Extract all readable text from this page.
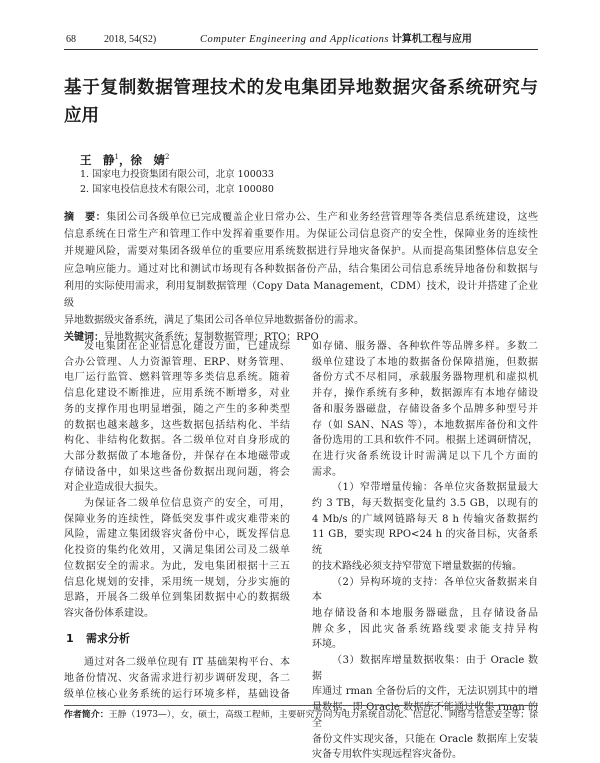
68	2018, 54(S2)	Computer Engineering and Applications 计算机工程与应用
基于复制数据管理技术的发电集团异地数据灾备系统研究与
应用
王　静$^1$，徐　婧$^2$
1. 国家电力投资集团有限公司，北京 100033
2. 国家电投信息技术有限公司，北京 100080
摘　要：集团公司各级单位已完成覆盖企业日常办公、生产和业务经营管理等各类信息系统建设，这些
信息系统在日常生产和管理工作中发挥着重要作用。为保证公司信息资产的安全性，保障业务的连续性
并规避风险，需要对集团各级单位的重要应用系统数据进行异地灾备保护。从而提高集团整体信息安全
应急响应能力。通过对比和测试市场现有各种数据备份产品，结合集团公司信息系统异地备份和数据与
利用的实际使用需求，利用复制数据管理（Copy Data Management，CDM）技术，设计并搭建了企业级
异地数据级灾备系统，满足了集团公司各单位异地数据备份的需求。
关键词：异地数据灾备系统；复制数据管理；RTO；RPO
发电集团在企业信息化建设方面，已建成综
合办公管理、人力资源管理、ERP、财务管理、
电厂运行监管、燃料管理等多类信息系统。随着
信息化建设不断推进，应用系统不断增多，对业
务的支撑作用也明显增强，随之产生的多种类型
的数据也越来越多，这些数据包括结构化、半结
构化、非结构化数据。各二级单位对自身形成的
大部分数据做了本地备份，并保存在本地磁带或
存储设备中，如果这些备份数据出现问题，将会
对企业造成很大损失。
为保证各二级单位信息资产的安全，可用，
保障业务的连续性，降低突发事件或灾难带来的
风险，需建立集团级容灾备份中心，既发挥信息
化投资的集约化效用，又满足集团公司及二级单
位数据安全的需求。为此，发电集团根据十三五
信息化规划的安排，采用统一规划，分步实施的
思路，开展各二级单位到集团数据中心的数据级
容灾备份体系建设。
1 需求分析
通过对各二级单位现有 IT 基础架构平台、本
地备份情况、灾备需求进行初步调研发现，各二
级单位核心业务系统的运行环境多样，基础设备
如存储、服务器、各种软件等品牌多样。多数二
级单位建设了本地的数据备份保障措施，但数据
备份方式不尽相同，承载服务器物理机和虚拟机
并存，操作系统有多种，数据源库有本地存储设
备和服务器磁盘，存储设备多个品牌多种型号并
存（如 SAN、NAS 等），本地数据库备份和文件
备份选用的工具和软件不同。根据上述调研情况，
在进行灾备系统设计时需满足以下几个方面的
需求。
（1）窄带增量传输：各单位灾备数据量最大
约 3 TB，每天数据变化量约 3.5 GB，以现有的
4 Mb/s 的广域网链路每天 8 h 传输灾备数据约
11 GB，要实现 RPO<24 h 的灾备目标，灾备系统
的技术路线必须支持窄带宽下增量数据的传输。
（2）异构环境的支持：各单位灾备数据来自本
地存储设备和本地服务器磁盘，且存储设备品
牌众多，因此灾备系统路线要求能支持异构
环境。
（3）数据库增量数据收集：由于 Oracle 数据
库通过 rman 全备份后的文件，无法识别其中的增
量数据，即 Oracle 数据库不能通过收集 rman 的全
备份文件实现灾备，只能在 Oracle 数据库上安装
灾备专用软件实现远程容灾备份。
作者简介：王静（1973—），女，硕士，高级工程师，主要研究方向为电力系统自动化、信息化、网络与信息安全等；徐
